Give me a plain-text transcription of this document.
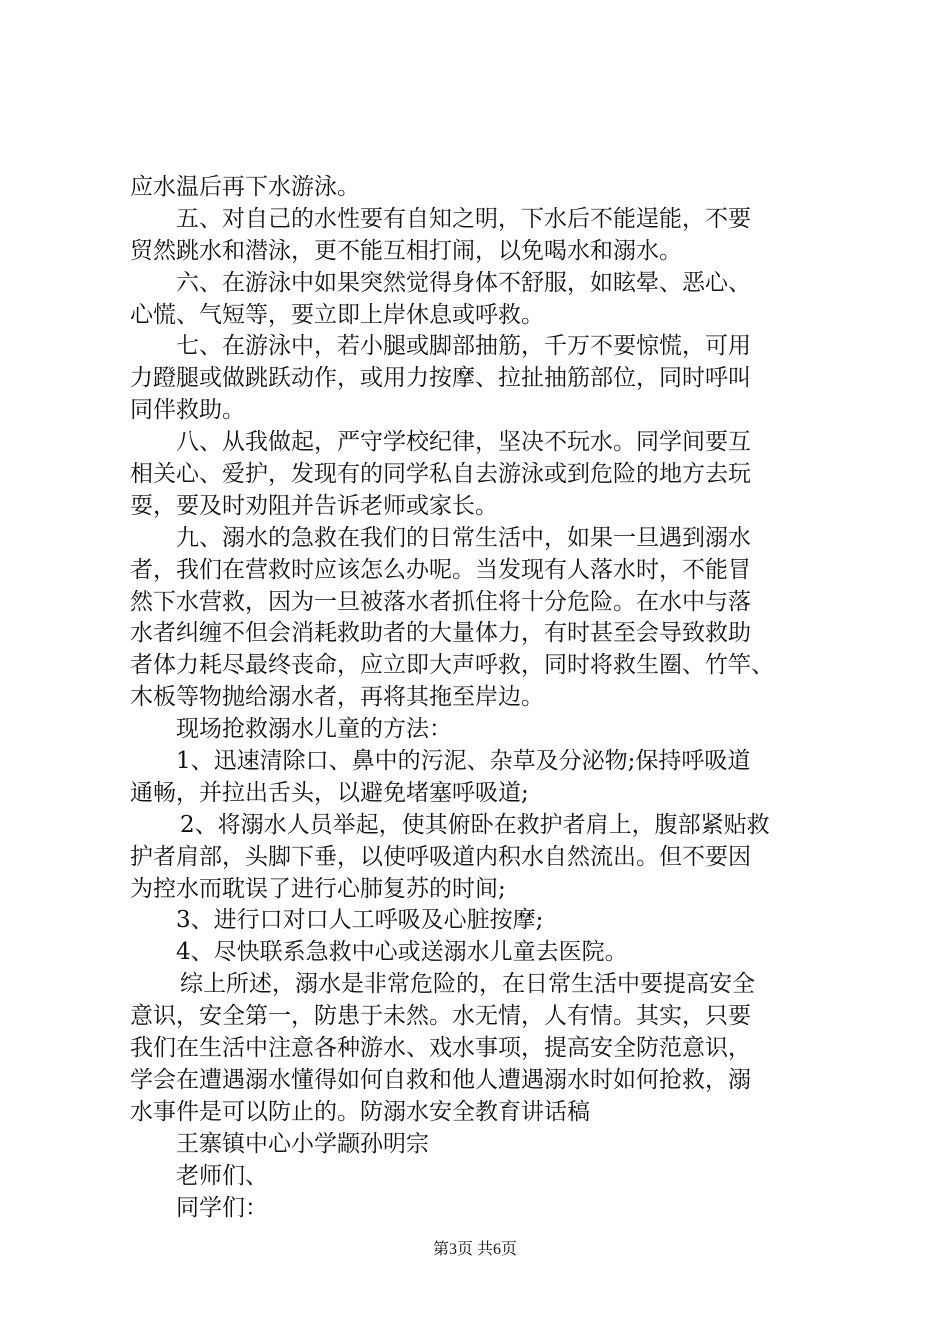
应水温后再下水游泳。
五、对自己的水性要有自知之明，下水后不能逞能，不要
贸然跳水和潜泳，更不能互相打闹，以免喝水和溺水。
六、在游泳中如果突然觉得身体不舒服，如眩晕、恶心、
心慌、气短等，要立即上岸休息或呼救。
七、在游泳中，若小腿或脚部抽筋，千万不要惊慌，可用
力蹬腿或做跳跃动作，或用力按摩、拉扯抽筋部位，同时呼叫
同伴救助。
八、从我做起，严守学校纪律，坚决不玩水。同学间要互
相关心、爱护，发现有的同学私自去游泳或到危险的地方去玩
耍，要及时劝阻并告诉老师或家长。
九、溺水的急救在我们的日常生活中，如果一旦遇到溺水
者，我们在营救时应该怎么办呢。当发现有人落水时，不能冒
然下水营救，因为一旦被落水者抓住将十分危险。在水中与落
水者纠缠不但会消耗救助者的大量体力，有时甚至会导致救助
者体力耗尽最终丧命，应立即大声呼救，同时将救生圈、竹竿、
木板等物抛给溺水者，再将其拖至岸边。
现场抢救溺水儿童的方法：
1、迅速清除口、鼻中的污泥、杂草及分泌物;保持呼吸道
通畅，并拉出舌头，以避免堵塞呼吸道;
2、将溺水人员举起，使其俯卧在救护者肩上，腹部紧贴救
护者肩部，头脚下垂，以使呼吸道内积水自然流出。但不要因
为控水而耽误了进行心肺复苏的时间;
3、进行口对口人工呼吸及心脏按摩;
4、尽快联系急救中心或送溺水儿童去医院。
综上所述，溺水是非常危险的，在日常生活中要提高安全
意识，安全第一，防患于未然。水无情，人有情。其实，只要
我们在生活中注意各种游水、戏水事项，提高安全防范意识，
学会在遭遇溺水懂得如何自救和他人遭遇溺水时如何抢救，溺
水事件是可以防止的。防溺水安全教育讲话稿
王寨镇中心小学颛孙明宗
老师们、
同学们：
第3页 共6页
